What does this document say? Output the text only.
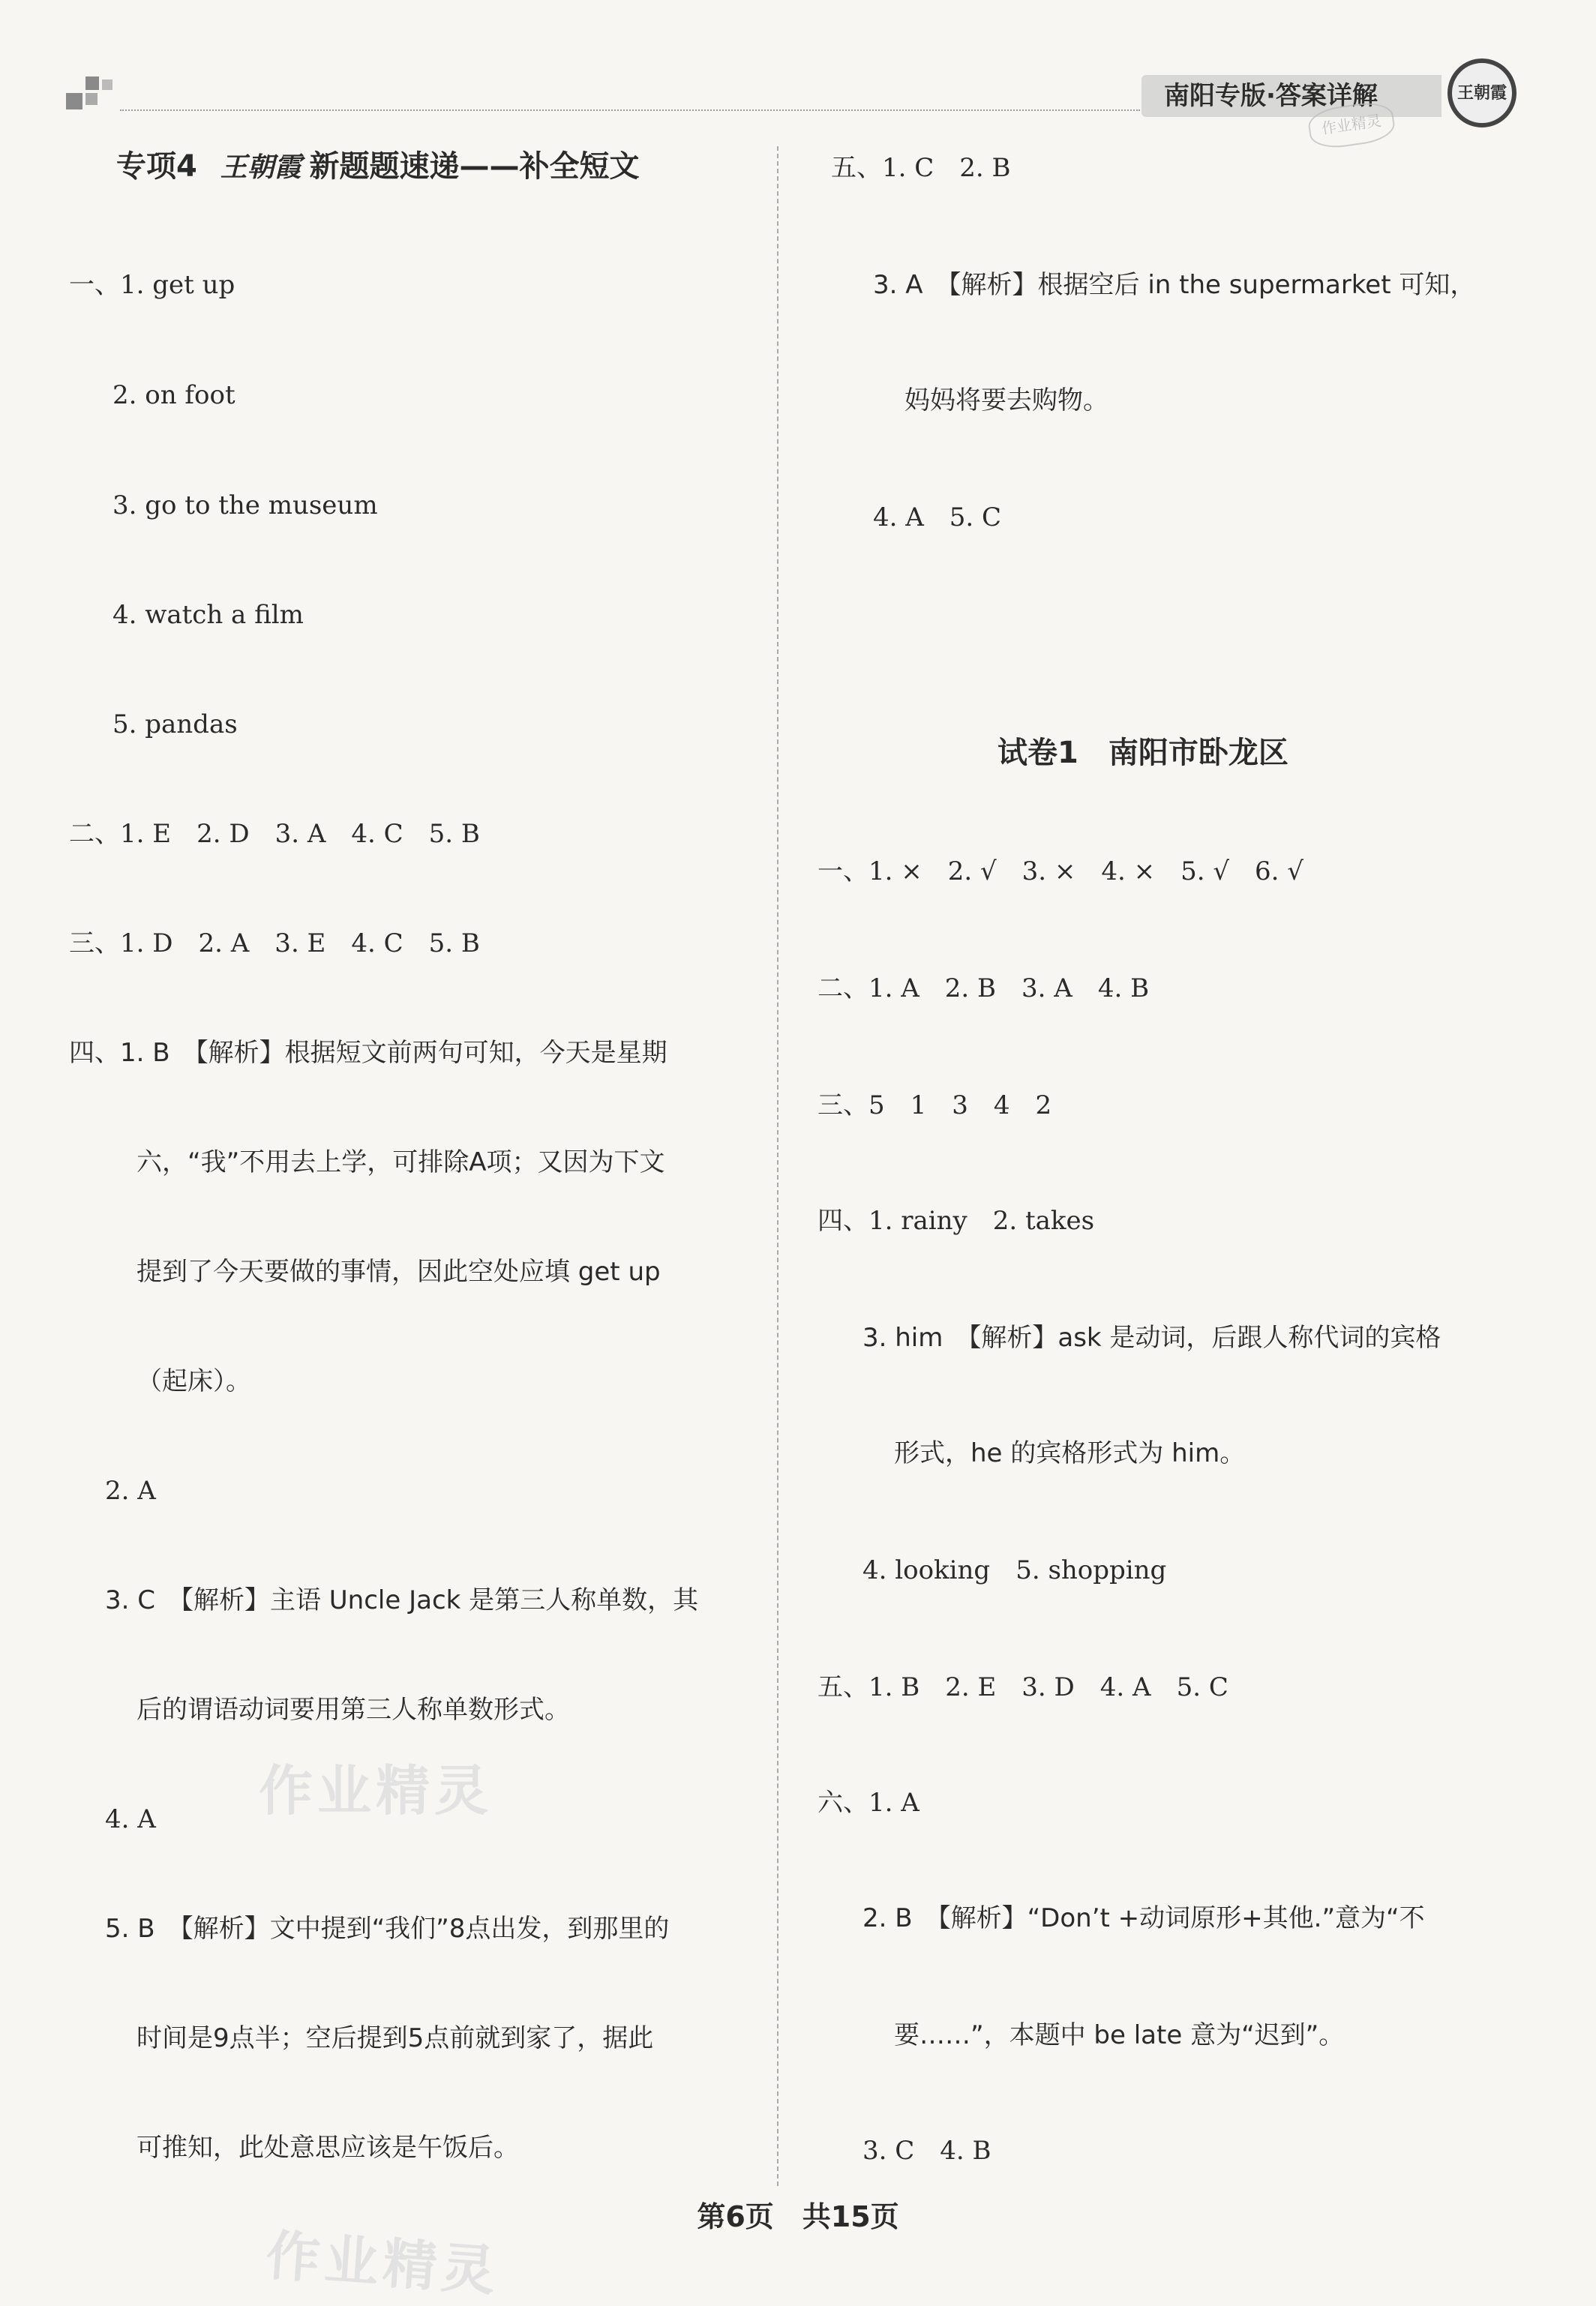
南阳专版·答案详解
作业精灵
王朝霞
专项4 王朝霞 新题题速递——补全短文
一、1. get up
2. on foot
3. go to the museum
4. watch a film
5. pandas
二、1. E　2. D　3. A　4. C　5. B
三、1. D　2. A　3. E　4. C　5. B
四、1. B　【解析】根据短文前两句可知，今天是星期
六，“我”不用去上学，可排除A项；又因为下文
提到了今天要做的事情，因此空处应填 get up
（起床）。
2. A
3. C　【解析】主语 Uncle Jack 是第三人称单数，其
后的谓语动词要用第三人称单数形式。
4. A
5. B　【解析】文中提到“我们”8点出发，到那里的
时间是9点半；空后提到5点前就到家了，据此
可推知，此处意思应该是午饭后。
五、1. C　2. B
3. A　【解析】根据空后 in the supermarket 可知，
妈妈将要去购物。
4. A　5. C
试卷1　南阳市卧龙区
一、1. ×　2. √　3. ×　4. ×　5. √　6. √
二、1. A　2. B　3. A　4. B
三、5　1　3　4　2
四、1. rainy　2. takes
3. him　【解析】ask 是动词，后跟人称代词的宾格
形式，he 的宾格形式为 him。
4. looking　5. shopping
五、1. B　2. E　3. D　4. A　5. C
六、1. A
2. B　【解析】“Don’t +动词原形+其他.”意为“不
要……”，本题中 be late 意为“迟到”。
3. C　4. B
作业精灵
作业精灵
第6页　共15页
